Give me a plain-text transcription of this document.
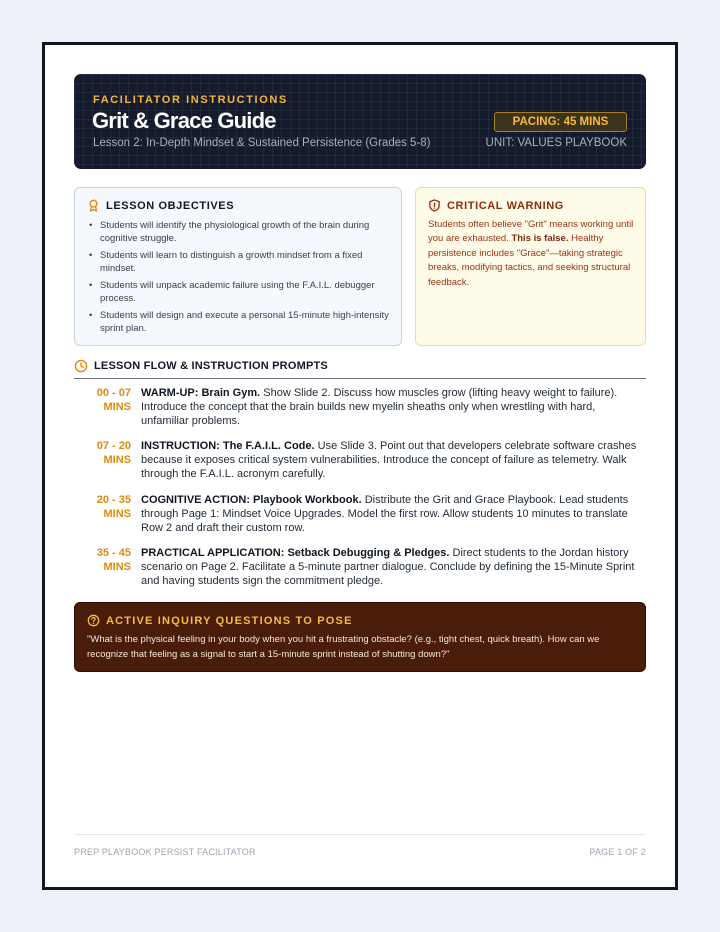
FACILITATOR INSTRUCTIONS
Grit & Grace Guide
Lesson 2: In-Depth Mindset & Sustained Persistence (Grades 5-8)
PACING: 45 MINS
UNIT: VALUES PLAYBOOK
LESSON OBJECTIVES
• Students will identify the physiological growth of the brain during cognitive struggle.
• Students will learn to distinguish a growth mindset from a fixed mindset.
• Students will unpack academic failure using the F.A.I.L. debugger process.
• Students will design and execute a personal 15-minute high-intensity sprint plan.
CRITICAL WARNING
Students often believe "Grit" means working until you are exhausted. This is false. Healthy persistence includes "Grace"—taking strategic breaks, modifying tactics, and seeking structural feedback.
LESSON FLOW & INSTRUCTION PROMPTS
00 - 07
MINS
WARM-UP: Brain Gym. Show Slide 2. Discuss how muscles grow (lifting heavy weight to failure). Introduce the concept that the brain builds new myelin sheaths only when wrestling with hard, unfamiliar problems.
07 - 20
MINS
INSTRUCTION: The F.A.I.L. Code. Use Slide 3. Point out that developers celebrate software crashes because it exposes critical system vulnerabilities. Introduce the concept of failure as telemetry. Walk through the F.A.I.L. acronym carefully.
20 - 35
MINS
COGNITIVE ACTION: Playbook Workbook. Distribute the Grit and Grace Playbook. Lead students through Page 1: Mindset Voice Upgrades. Model the first row. Allow students 10 minutes to translate Row 2 and draft their custom row.
35 - 45
MINS
PRACTICAL APPLICATION: Setback Debugging & Pledges. Direct students to the Jordan history scenario on Page 2. Facilitate a 5-minute partner dialogue. Conclude by defining the 15-Minute Sprint and having students sign the commitment pledge.
ACTIVE INQUIRY QUESTIONS TO POSE
"What is the physical feeling in your body when you hit a frustrating obstacle? (e.g., tight chest, quick breath). How can we recognize that feeling as a signal to start a 15-minute sprint instead of shutting down?"
PREP PLAYBOOK PERSIST FACILITATOR	PAGE 1 OF 2
